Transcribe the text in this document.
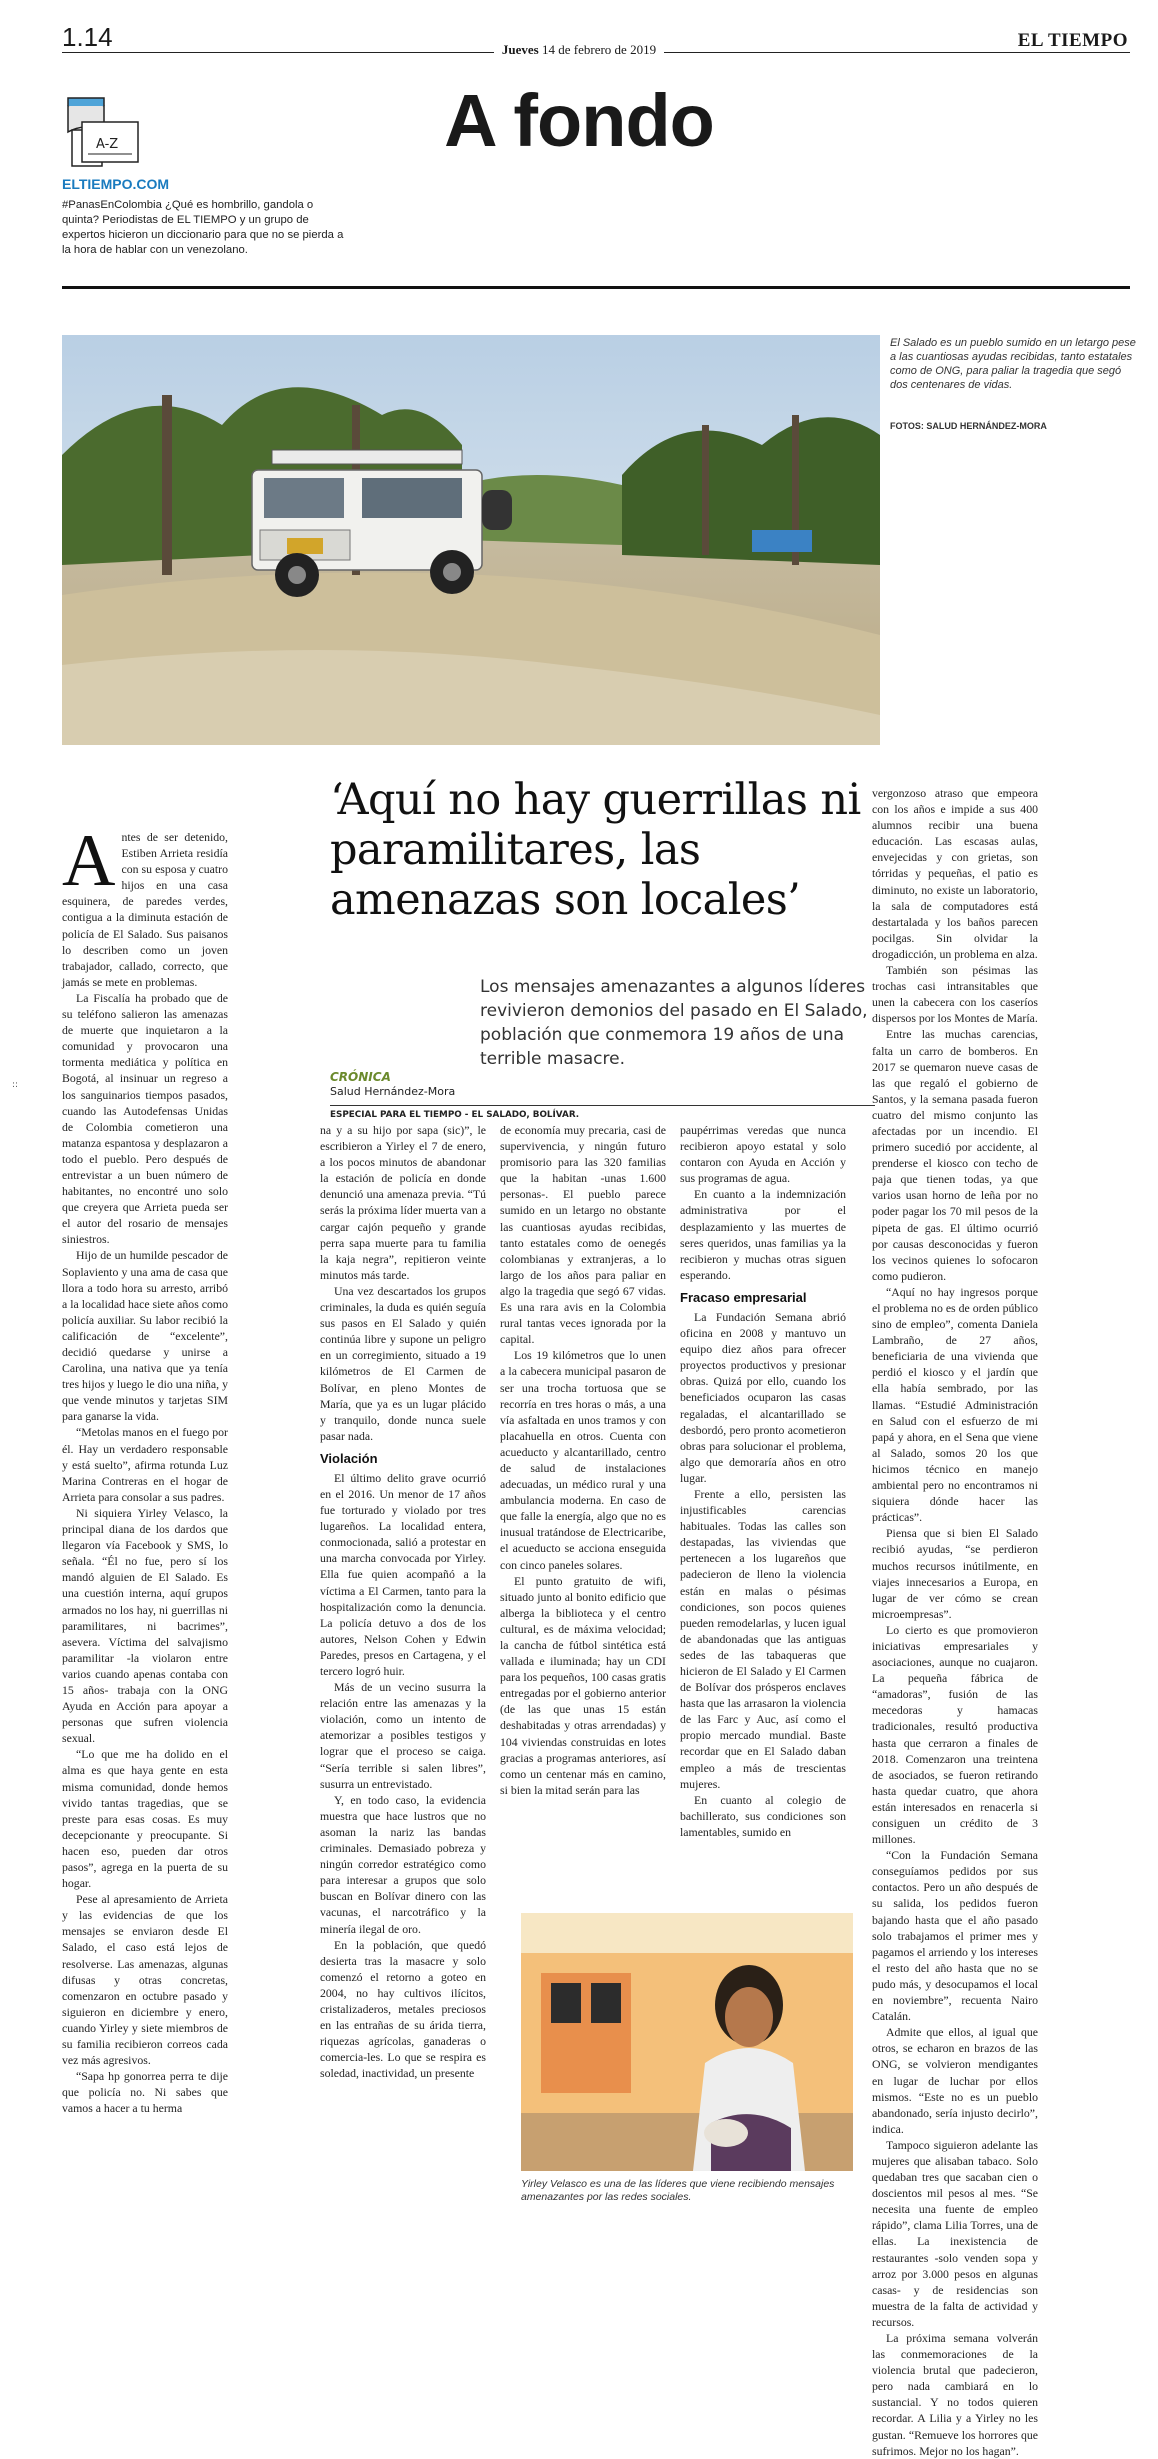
1.14	Jueves 14 de febrero de 2019	EL TIEMPO
A fondo
A-Z
ELTIEMPO.COM
#PanasEnColombia ¿Qué es hombrillo, gandola o quinta? Periodistas de EL TIEMPO y un grupo de expertos hicieron un diccionario para que no se pierda a la hora de hablar con un venezolano.
El Salado es un pueblo sumido en un letargo pese a las cuantiosas ayudas recibidas, tanto estatales como de ONG, para paliar la tragedia que segó dos centenares de vidas.
FOTOS: SALUD HERNÁNDEZ-MORA
‘Aquí no hay guerrillas ni paramilitares, las amenazas son locales’
Los mensajes amenazantes a algunos líderes revivieron demonios del pasado en El Salado, población que conmemora 19 años de una terrible masacre.
CRÓNICA
Salud Hernández-Mora
ESPECIAL PARA EL TIEMPO - EL SALADO, BOLÍVAR.

Antes de ser detenido, Estiben Arrieta residía con su esposa y cuatro hijos en una casa esquinera, de paredes verdes, contigua a la diminuta estación de policía de El Salado. Sus paisanos lo describen como un joven trabajador, callado, correcto, que jamás se mete en problemas.

La Fiscalía ha probado que de su teléfono salieron las amenazas de muerte que inquietaron a la comunidad y provocaron una tormenta mediática y política en Bogotá, al insinuar un regreso a los sanguinarios tiempos pasados, cuando las Autodefensas Unidas de Colombia cometieron una matanza espantosa y desplazaron a todo el pueblo. Pero después de entrevistar a un buen número de habitantes, no encontré uno solo que creyera que Arrieta pueda ser el autor del rosario de mensajes siniestros.

Hijo de un humilde pescador de Soplaviento y una ama de casa que llora a todo hora su arresto, arribó a la localidad hace siete años como policía auxiliar. Su labor recibió la calificación de “excelente”, decidió quedarse y unirse a Carolina, una nativa que ya tenía tres hijos y luego le dio una niña, y que vende minutos y tarjetas SIM para ganarse la vida.

“Metolas manos en el fuego por él. Hay un verdadero responsable y está suelto”, afirma rotunda Luz Marina Contreras en el hogar de Arrieta para consolar a sus padres.

Ni siquiera Yirley Velasco, la principal diana de los dardos que llegaron vía Facebook y SMS, lo señala. “Él no fue, pero sí los mandó alguien de El Salado. Es una cuestión interna, aquí grupos armados no los hay, ni guerrillas ni paramilitares, ni bacrimes”, asevera. Víctima del salvajismo paramilitar -la violaron entre varios cuando apenas contaba con 15 años- trabaja con la ONG Ayuda en Acción para apoyar a personas que sufren violencia sexual.

“Lo que me ha dolido en el alma es que haya gente en esta misma comunidad, donde hemos vivido tantas tragedias, que se preste para esas cosas. Es muy decepcionante y preocupante. Si hacen eso, pueden dar otros pasos”, agrega en la puerta de su hogar.

Pese al apresamiento de Arrieta y las evidencias de que los mensajes se enviaron desde El Salado, el caso está lejos de resolverse. Las amenazas, algunas difusas y otras concretas, comenzaron en octubre pasado y siguieron en diciembre y enero, cuando Yirley y siete miembros de su familia recibieron correos cada vez más agresivos.

“Sapa hp gonorrea perra te dije que policía no. Ni sabes que vamos a hacer a tu herma

na y a su hijo por sapa (sic)”, le escribieron a Yirley el 7 de enero, a los pocos minutos de abandonar la estación de policía en donde denunció una amenaza previa. “Tú serás la próxima líder muerta van a cargar cajón pequeño y grande perra sapa muerte para tu familia la kaja negra”, repitieron veinte minutos más tarde.

Una vez descartados los grupos criminales, la duda es quién seguía sus pasos en El Salado y quién continúa libre y supone un peligro en un corregimiento, situado a 19 kilómetros de El Carmen de Bolívar, en pleno Montes de María, que ya es un lugar plácido y tranquilo, donde nunca suele pasar nada.

Violación

El último delito grave ocurrió en el 2016. Un menor de 17 años fue torturado y violado por tres lugareños. La localidad entera, conmocionada, salió a protestar en una marcha convocada por Yirley. Ella fue quien acompañó a la víctima a El Carmen, tanto para la hospitalización como la denuncia. La policía detuvo a dos de los autores, Nelson Cohen y Edwin Paredes, presos en Cartagena, y el tercero logró huir.

Más de un vecino susurra la relación entre las amenazas y la violación, como un intento de atemorizar a posibles testigos y lograr que el proceso se caiga. “Sería terrible si salen libres”, susurra un entrevistado.

Y, en todo caso, la evidencia muestra que hace lustros que no asoman la nariz las bandas criminales. Demasiado pobreza y ningún corredor estratégico como para interesar a grupos que solo buscan en Bolívar dinero con las vacunas, el narcotráfico y la minería ilegal de oro.

En la población, que quedó desierta tras la masacre y solo comenzó el retorno a goteo en 2004, no hay cultivos ilícitos, cristalizaderos, metales preciosos en las entrañas de su árida tierra, riquezas agrícolas, ganaderas o comercia-les. Lo que se respira es soledad, inactividad, un presente

de economía muy precaria, casi de supervivencia, y ningún futuro promisorio para las 320 familias que la habitan -unas 1.600 personas-. El pueblo parece sumido en un letargo no obstante las cuantiosas ayudas recibidas, tanto estatales como de oenegés colombianas y extranjeras, a lo largo de los años para paliar en algo la tragedia que segó 67 vidas. Es una rara avis en la Colombia rural tantas veces ignorada por la capital.

Los 19 kilómetros que lo unen a la cabecera municipal pasaron de ser una trocha tortuosa que se recorría en tres horas o más, a una vía asfaltada en unos tramos y con placahuella en otros. Cuenta con acueducto y alcantarillado, centro de salud de instalaciones adecuadas, un médico rural y una ambulancia moderna. En caso de que falle la energía, algo que no es inusual tratándose de Electricaribe, el acueducto se acciona enseguida con cinco paneles solares.

El punto gratuito de wifi, situado junto al bonito edificio que alberga la biblioteca y el centro cultural, es de máxima velocidad; la cancha de fútbol sintética está vallada e iluminada; hay un CDI para los pequeños, 100 casas gratis entregadas por el gobierno anterior (de las que unas 15 están deshabitadas y otras arrendadas) y 104 viviendas construidas en lotes gracias a programas anteriores, así como un centenar más en camino, si bien la mitad serán para las

paupérrimas veredas que nunca recibieron apoyo estatal y solo contaron con Ayuda en Acción y sus programas de agua.

En cuanto a la indemnización administrativa por el desplazamiento y las muertes de seres queridos, unas familias ya la recibieron y muchas otras siguen esperando.

Fracaso empresarial

La Fundación Semana abrió oficina en 2008 y mantuvo un equipo diez años para ofrecer proyectos productivos y presionar obras. Quizá por ello, cuando los beneficiados ocuparon las casas regaladas, el alcantarillado se desbordó, pero pronto acometieron obras para solucionar el problema, algo que demoraría años en otro lugar.

Frente a ello, persisten las injustificables carencias habituales. Todas las calles son destapadas, las viviendas que pertenecen a los lugareños que padecieron de lleno la violencia están en malas o pésimas condiciones, son pocos quienes pueden remodelarlas, y lucen igual de abandonadas que las antiguas sedes de las tabaqueras que hicieron de El Salado y El Carmen de Bolívar dos prósperos enclaves hasta que las arrasaron la violencia de las Farc y Auc, así como el propio mercado mundial. Baste recordar que en El Salado daban empleo a más de trescientas mujeres.

En cuanto al colegio de bachillerato, sus condiciones son lamentables, sumido en

vergonzoso atraso que empeora con los años e impide a sus 400 alumnos recibir una buena educación. Las escasas aulas, envejecidas y con grietas, son tórridas y pequeñas, el patio es diminuto, no existe un laboratorio, la sala de computadores está destartalada y los baños parecen pocilgas. Sin olvidar la drogadicción, un problema en alza.

También son pésimas las trochas casi intransitables que unen la cabecera con los caseríos dispersos por los Montes de María.

Entre las muchas carencias, falta un carro de bomberos. En 2017 se quemaron nueve casas de las que regaló el gobierno de Santos, y la semana pasada fueron cuatro del mismo conjunto las afectadas por un incendio. El primero sucedió por accidente, al prenderse el kiosco con techo de paja que tienen todas, ya que varios usan horno de leña por no poder pagar los 70 mil pesos de la pipeta de gas. El último ocurrió por causas desconocidas y fueron los vecinos quienes lo sofocaron como pudieron.

“Aquí no hay ingresos porque el problema no es de orden público sino de empleo”, comenta Daniela Lambraño, de 27 años, beneficiaria de una vivienda que perdió el kiosco y el jardín que ella había sembrado, por las llamas. “Estudié Administración en Salud con el esfuerzo de mi papá y ahora, en el Sena que viene al Salado, somos 20 los que hicimos técnico en manejo ambiental pero no encontramos ni siquiera dónde hacer las prácticas”.

Piensa que si bien El Salado recibió ayudas, “se perdieron muchos recursos inútilmente, en viajes innecesarios a Europa, en lugar de ver cómo se crean microempresas”.

Lo cierto es que promovieron iniciativas empresariales y asociaciones, aunque no cuajaron. La pequeña fábrica de “amadoras”, fusión de las mecedoras y hamacas tradicionales, resultó productiva hasta que cerraron a finales de 2018. Comenzaron una treintena de asociados, se fueron retirando hasta quedar cuatro, que ahora están interesados en renacerla si consiguen un crédito de 3 millones.

“Con la Fundación Semana conseguíamos pedidos por sus contactos. Pero un año después de su salida, los pedidos fueron bajando hasta que el año pasado solo trabajamos el primer mes y pagamos el arriendo y los intereses el resto del año hasta que no se pudo más, y desocupamos el local en noviembre”, recuenta Nairo Catalán.

Admite que ellos, al igual que otros, se echaron en brazos de las ONG, se volvieron mendigantes en lugar de luchar por ellos mismos. “Este no es un pueblo abandonado, sería injusto decirlo”, indica.

Tampoco siguieron adelante las mujeres que alisaban tabaco. Solo quedaban tres que sacaban cien o doscientos mil pesos al mes. “Se necesita una fuente de empleo rápido”, clama Lilia Torres, una de ellas. La inexistencia de restaurantes -solo venden sopa y arroz por 3.000 pesos en algunas casas- y de residencias son muestra de la falta de actividad y recursos.

La próxima semana volverán las conmemoraciones de la violencia brutal que padecieron, pero nada cambiará en lo sustancial. Y no todos quieren recordar. A Lilia y a Yirley no les gustan. “Remueve los horrores que sufrimos. Mejor no los hagan”.

Yirley Velasco es una de las líderes que viene recibiendo mensajes amenazantes por las redes sociales.
::
